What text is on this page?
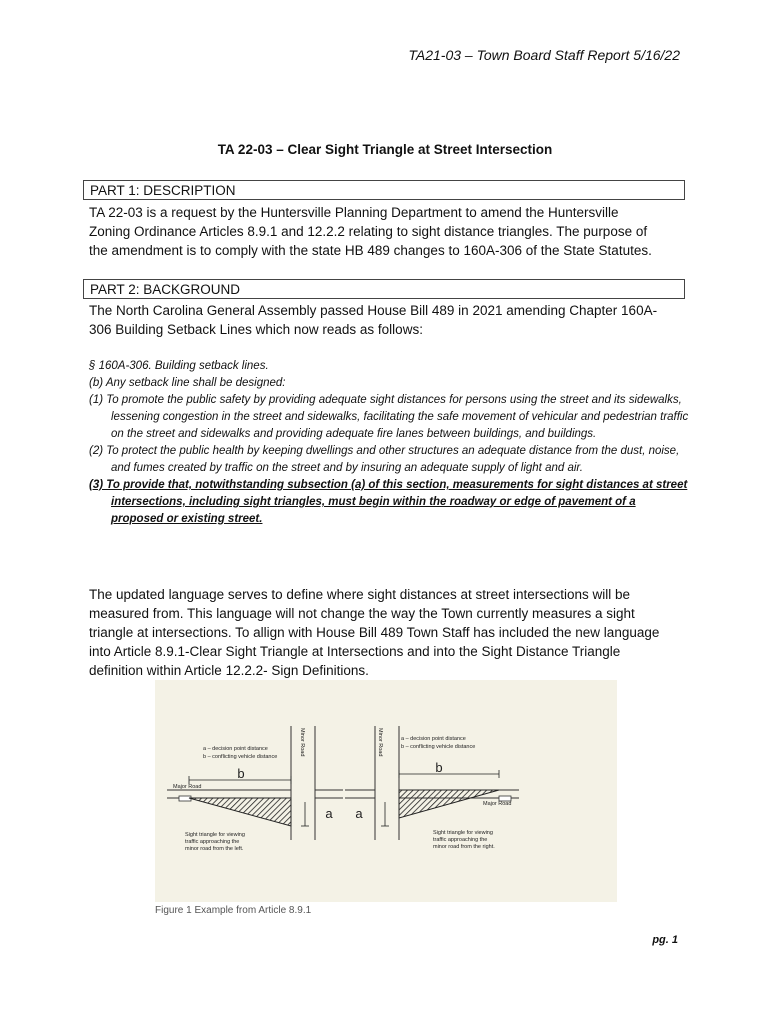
TA21-03 – Town Board Staff Report 5/16/22
TA 22-03 – Clear Sight Triangle at Street Intersection
PART 1: DESCRIPTION

TA 22-03 is a request by the Huntersville Planning Department to amend the Huntersville

Zoning Ordinance Articles 8.9.1 and 12.2.2 relating to sight distance triangles. The purpose of

the amendment is to comply with the state HB 489 changes to 160A-306 of the State Statutes.

PART 2: BACKGROUND

The North Carolina General Assembly passed House Bill 489 in 2021 amending Chapter 160A-

306 Building Setback Lines which now reads as follows:

§ 160A-306. Building setback lines.

(b) Any setback line shall be designed:

(1) To promote the public safety by providing adequate sight distances for persons using the street and its sidewalks, lessening congestion in the street and sidewalks, facilitating the safe movement of vehicular and pedestrian traffic on the street and sidewalks and providing adequate fire lanes between buildings, and buildings.

(2) To protect the public health by keeping dwellings and other structures an adequate distance from the dust, noise, and fumes created by traffic on the street and by insuring an adequate supply of light and air.

(3) To provide that, notwithstanding subsection (a) of this section, measurements for sight distances at street intersections, including sight triangles, must begin within the roadway or edge of pavement of a proposed or existing street.

The updated language serves to define where sight distances at street intersections will be

measured from. This language will not change the way the Town currently measures a sight

triangle at intersections. To allign with House Bill 489 Town Staff has included the new language

into Article 8.9.1-Clear Sight Triangle at Intersections and into the Sight Distance Triangle

definition within Article 12.2.2- Sign Definitions.

b
a
a – decision point distance
b – conflicting vehicle distance
Major Road
Minor Road
Sight triangle for viewing
traffic approaching the
minor road from the left.
b
a
a – decision point distance
b – conflicting vehicle distance
Major Road
Minor Road
Sight triangle for viewing
traffic approaching the
minor road from the right.
Figure 1 Example from Article 8.9.1
pg. 1
